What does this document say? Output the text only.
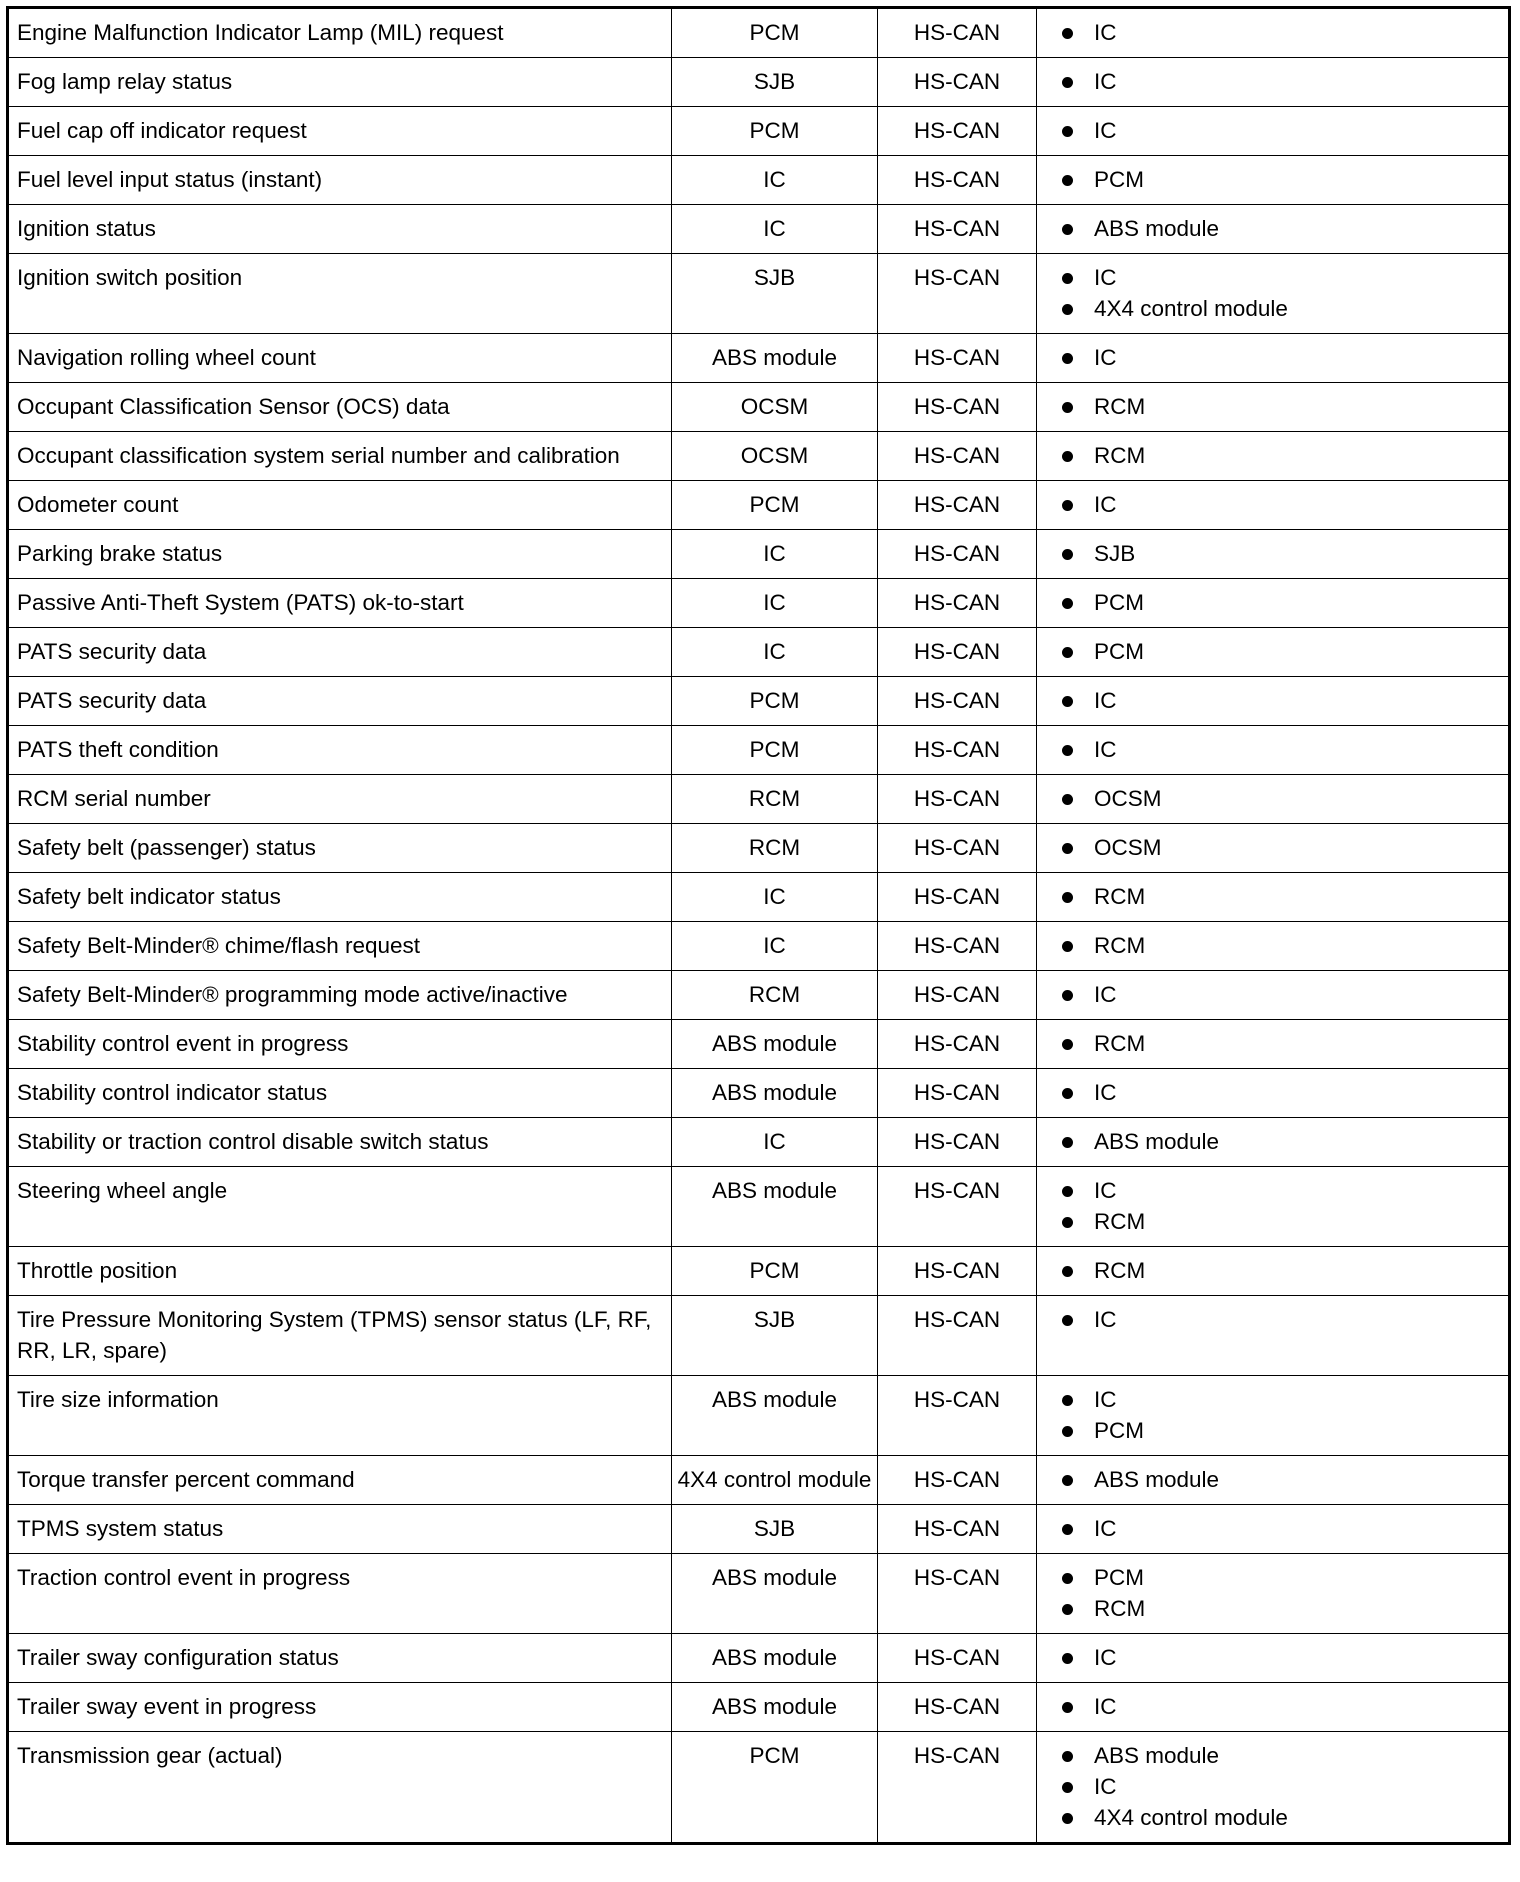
Engine Malfunction Indicator Lamp (MIL) request	PCM	HS-CAN	IC

Fog lamp relay status	SJB	HS-CAN	IC

Fuel cap off indicator request	PCM	HS-CAN	IC

Fuel level input status (instant)	IC	HS-CAN	PCM

Ignition status	IC	HS-CAN	ABS module

Ignition switch position	SJB	HS-CAN	IC
4X4 control module

Navigation rolling wheel count	ABS module	HS-CAN	IC

Occupant Classification Sensor (OCS) data	OCSM	HS-CAN	RCM

Occupant classification system serial number and calibration	OCSM	HS-CAN	RCM

Odometer count	PCM	HS-CAN	IC

Parking brake status	IC	HS-CAN	SJB

Passive Anti-Theft System (PATS) ok-to-start	IC	HS-CAN	PCM

PATS security data	IC	HS-CAN	PCM

PATS security data	PCM	HS-CAN	IC

PATS theft condition	PCM	HS-CAN	IC

RCM serial number	RCM	HS-CAN	OCSM

Safety belt (passenger) status	RCM	HS-CAN	OCSM

Safety belt indicator status	IC	HS-CAN	RCM

Safety Belt-Minder® chime/flash request	IC	HS-CAN	RCM

Safety Belt-Minder® programming mode active/inactive	RCM	HS-CAN	IC

Stability control event in progress	ABS module	HS-CAN	RCM

Stability control indicator status	ABS module	HS-CAN	IC

Stability or traction control disable switch status	IC	HS-CAN	ABS module

Steering wheel angle	ABS module	HS-CAN	IC
RCM

Throttle position	PCM	HS-CAN	RCM

Tire Pressure Monitoring System (TPMS) sensor status (LF, RF, RR, LR, spare)	SJB	HS-CAN	IC

Tire size information	ABS module	HS-CAN	IC
PCM

Torque transfer percent command	4X4 control module	HS-CAN	ABS module

TPMS system status	SJB	HS-CAN	IC

Traction control event in progress	ABS module	HS-CAN	PCM
RCM

Trailer sway configuration status	ABS module	HS-CAN	IC

Trailer sway event in progress	ABS module	HS-CAN	IC

Transmission gear (actual)	PCM	HS-CAN	ABS module
IC
4X4 control module
